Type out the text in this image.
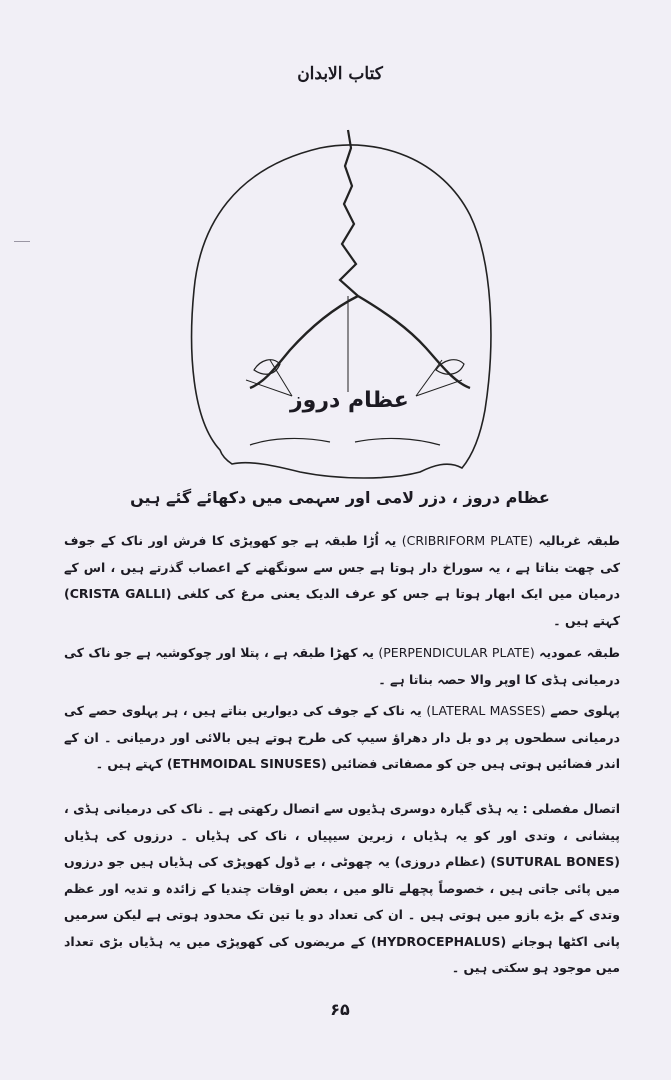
کتاب الابدان
عظام دروز
عظام دروز ، دزر لامی اور سہمی میں دکھائے گئے ہیں
طبقہ غربالیہ (CRIBRIFORM PLATE) یہ اُڑا طبقہ ہے جو کھوپڑی کا فرش اور ناک کے جوف کی چھت بناتا ہے ، یہ سوراخ دار ہوتا ہے جس سے سونگھنے کے اعصاب گذرتے ہیں ، اس کے درمیان میں ایک ابھار ہوتا ہے جس کو عرف الدیک یعنی مرغ کی کلغی (CRISTA GALLI) کہتے ہیں ۔
طبقہ عمودیہ (PERPENDICULAR PLATE) یہ کھڑا طبقہ ہے ، پتلا اور چوکوشیہ ہے جو ناک کی درمیانی ہڈی کا اوپر والا حصہ بناتا ہے ۔
پہلوی حصے (LATERAL MASSES) یہ ناک کے جوف کی دیواریں بناتے ہیں ، ہر پہلوی حصے کی درمیانی سطحوں پر دو بل دار دھراؤ سیپ کی طرح ہوتے ہیں بالائی اور درمیانی ۔ ان کے اندر فضائیں ہوتی ہیں جن کو مصفاتی فضائیں (ETHMOIDAL SINUSES) کہتے ہیں ۔
اتصال مفصلی : یہ ہڈی گیارہ دوسری ہڈیوں سے اتصال رکھتی ہے ۔ ناک کی درمیانی ہڈی ، پیشانی ، وتدی اور کو یہ ہڈیاں ، زبرین سیپیاں ، ناک کی ہڈیاں ۔ درزوں کی ہڈیاں (SUTURAL BONES) (عظام دروزی) یہ چھوٹی ، بے ڈول کھوپڑی کی ہڈیاں ہیں جو درزوں میں پائی جاتی ہیں ، خصوصاً پچھلے تالو میں ، بعض اوقات چندیا کے زائدہ و تدیہ اور عظم وتدی کے بڑے بازو میں ہوتی ہیں ۔ ان کی تعداد دو یا تین تک محدود ہوتی ہے لیکن سرمیں پانی اکٹھا ہوجانے (HYDROCEPHALUS) کے مریضوں کی کھوپڑی میں یہ ہڈیاں بڑی تعداد میں موجود ہو سکتی ہیں ۔
۶۵
